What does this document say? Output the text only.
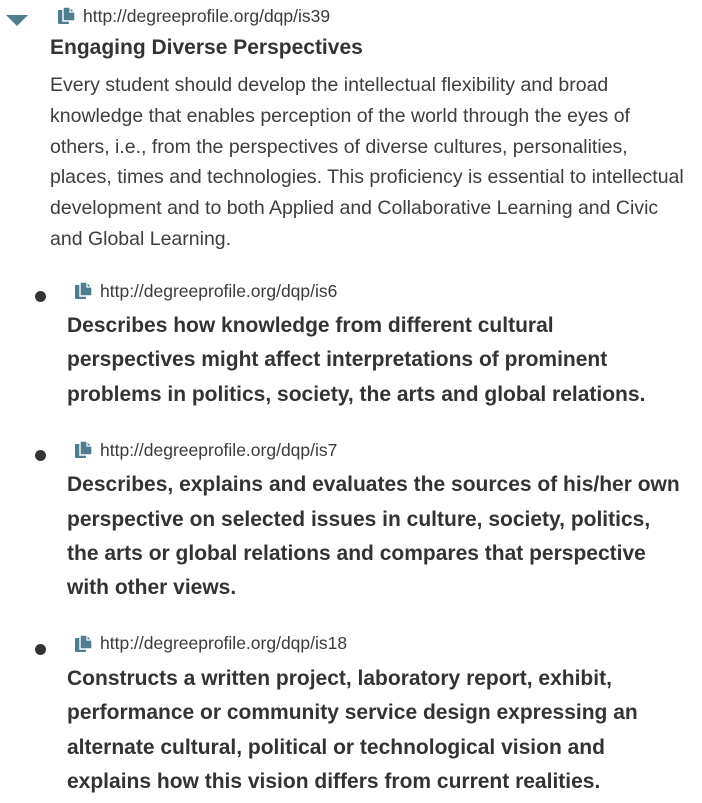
http://degreeprofile.org/dqp/is39
Engaging Diverse Perspectives

Every student should develop the intellectual flexibility and broad knowledge that enables perception of the world through the eyes of others, i.e., from the perspectives of diverse cultures, personalities, places, times and technologies. This proficiency is essential to intellectual development and to both Applied and Collaborative Learning and Civic and Global Learning.

http://degreeprofile.org/dqp/is6
Describes how knowledge from different cultural perspectives might affect interpretations of prominent problems in politics, society, the arts and global relations.
http://degreeprofile.org/dqp/is7
Describes, explains and evaluates the sources of his/her own perspective on selected issues in culture, society, politics, the arts or global relations and compares that perspective with other views.
http://degreeprofile.org/dqp/is18
Constructs a written project, laboratory report, exhibit, performance or community service design expressing an alternate cultural, political or technological vision and explains how this vision differs from current realities.
